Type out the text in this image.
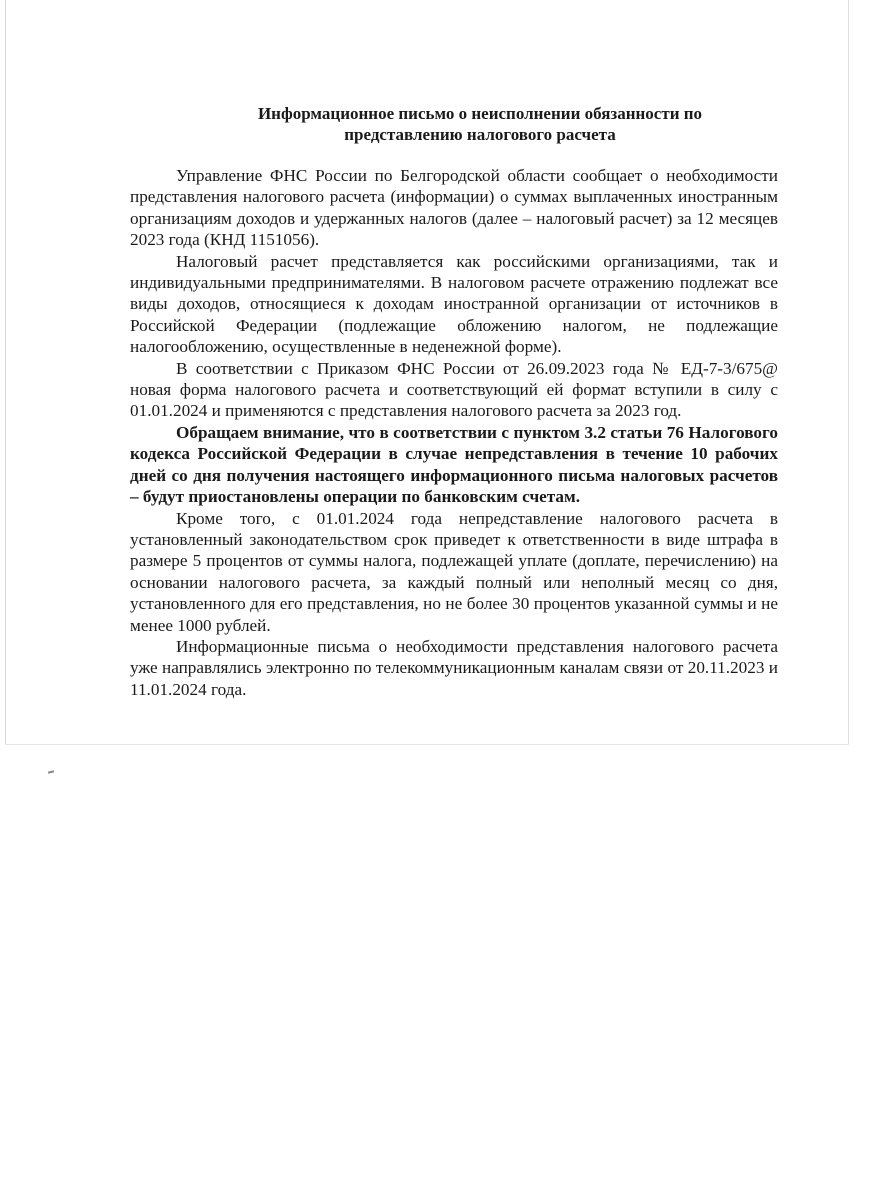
Информационное письмо о неисполнении обязанности по
представлению налогового расчета

Управление ФНС России по Белгородской области сообщает о необходимости представления налогового расчета (информации) о суммах выплаченных иностранным организациям доходов и удержанных налогов (далее – налоговый расчет) за 12 месяцев 2023 года (КНД 1151056).

Налоговый расчет представляется как российскими организациями, так и индивидуальными предпринимателями. В налоговом расчете отражению подлежат все виды доходов, относящиеся к доходам иностранной организации от источников в Российской Федерации (подлежащие обложению налогом, не подлежащие налогообложению, осуществленные в неденежной форме).

В соответствии с Приказом ФНС России от 26.09.2023 года № ЕД-7-3/675@ новая форма налогового расчета и соответствующий ей формат вступили в силу с 01.01.2024 и применяются с представления налогового расчета за 2023 год.

Обращаем внимание, что в соответствии с пунктом 3.2 статьи 76 Налогового кодекса Российской Федерации в случае непредставления в течение 10 рабочих дней со дня получения настоящего информационного письма налоговых расчетов – будут приостановлены операции по банковским счетам.

Кроме того, с 01.01.2024 года непредставление налогового расчета в установленный законодательством срок приведет к ответственности в виде штрафа в размере 5 процентов от суммы налога, подлежащей уплате (доплате, перечислению) на основании налогового расчета, за каждый полный или неполный месяц со дня, установленного для его представления, но не более 30 процентов указанной суммы и не менее 1000 рублей.

Информационные письма о необходимости представления налогового расчета уже направлялись электронно по телекоммуникационным каналам связи от 20.11.2023 и 11.01.2024 года.
